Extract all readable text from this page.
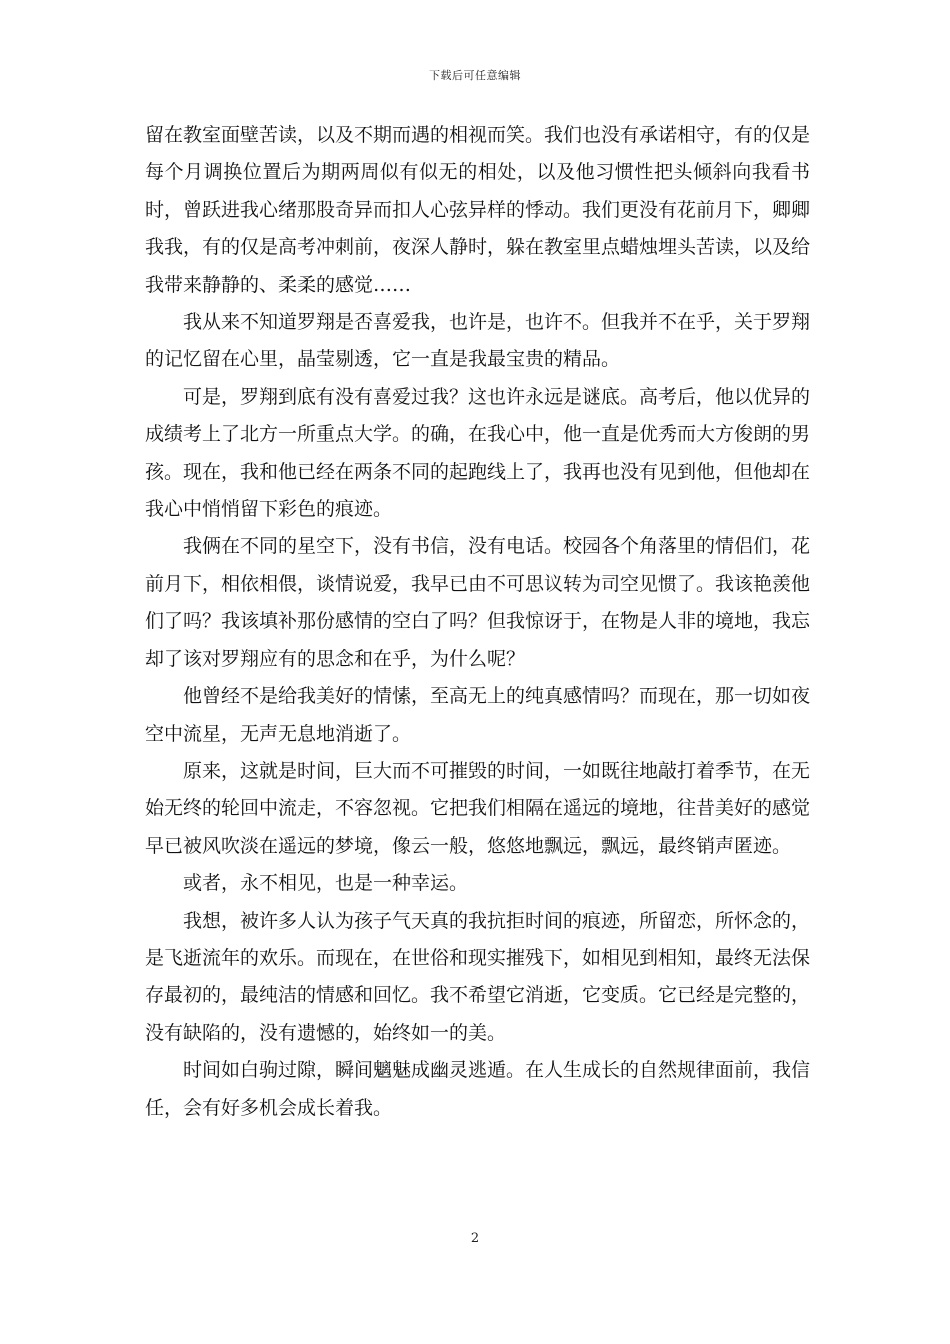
下载后可任意编辑

留在教室面壁苦读，以及不期而遇的相视而笑。我们也没有承诺相守，有的仅是每个月调换位置后为期两周似有似无的相处，以及他习惯性把头倾斜向我看书时，曾跃进我心绪那股奇异而扣人心弦异样的悸动。我们更没有花前月下，卿卿我我，有的仅是高考冲刺前，夜深人静时，躲在教室里点蜡烛埋头苦读，以及给我带来静静的、柔柔的感觉……

我从来不知道罗翔是否喜爱我，也许是，也许不。但我并不在乎，关于罗翔的记忆留在心里，晶莹剔透，它一直是我最宝贵的精品。

可是，罗翔到底有没有喜爱过我？这也许永远是谜底。高考后，他以优异的成绩考上了北方一所重点大学。的确，在我心中，他一直是优秀而大方俊朗的男孩。现在，我和他已经在两条不同的起跑线上了，我再也没有见到他，但他却在我心中悄悄留下彩色的痕迹。

我俩在不同的星空下，没有书信，没有电话。校园各个角落里的情侣们，花前月下，相依相偎，谈情说爱，我早已由不可思议转为司空见惯了。我该艳羡他们了吗？我该填补那份感情的空白了吗？但我惊讶于，在物是人非的境地，我忘却了该对罗翔应有的思念和在乎，为什么呢？

他曾经不是给我美好的情愫，至高无上的纯真感情吗？而现在，那一切如夜空中流星，无声无息地消逝了。

原来，这就是时间，巨大而不可摧毁的时间，一如既往地敲打着季节，在无始无终的轮回中流走，不容忽视。它把我们相隔在遥远的境地，往昔美好的感觉早已被风吹淡在遥远的梦境，像云一般，悠悠地飘远，飘远，最终销声匿迹。

或者，永不相见，也是一种幸运。

我想，被许多人认为孩子气天真的我抗拒时间的痕迹，所留恋，所怀念的，是飞逝流年的欢乐。而现在，在世俗和现实摧残下，如相见到相知，最终无法保存最初的，最纯洁的情感和回忆。我不希望它消逝，它变质。它已经是完整的，没有缺陷的，没有遗憾的，始终如一的美。

时间如白驹过隙，瞬间魑魅成幽灵逃遁。在人生成长的自然规律面前，我信任，会有好多机会成长着我。

2
